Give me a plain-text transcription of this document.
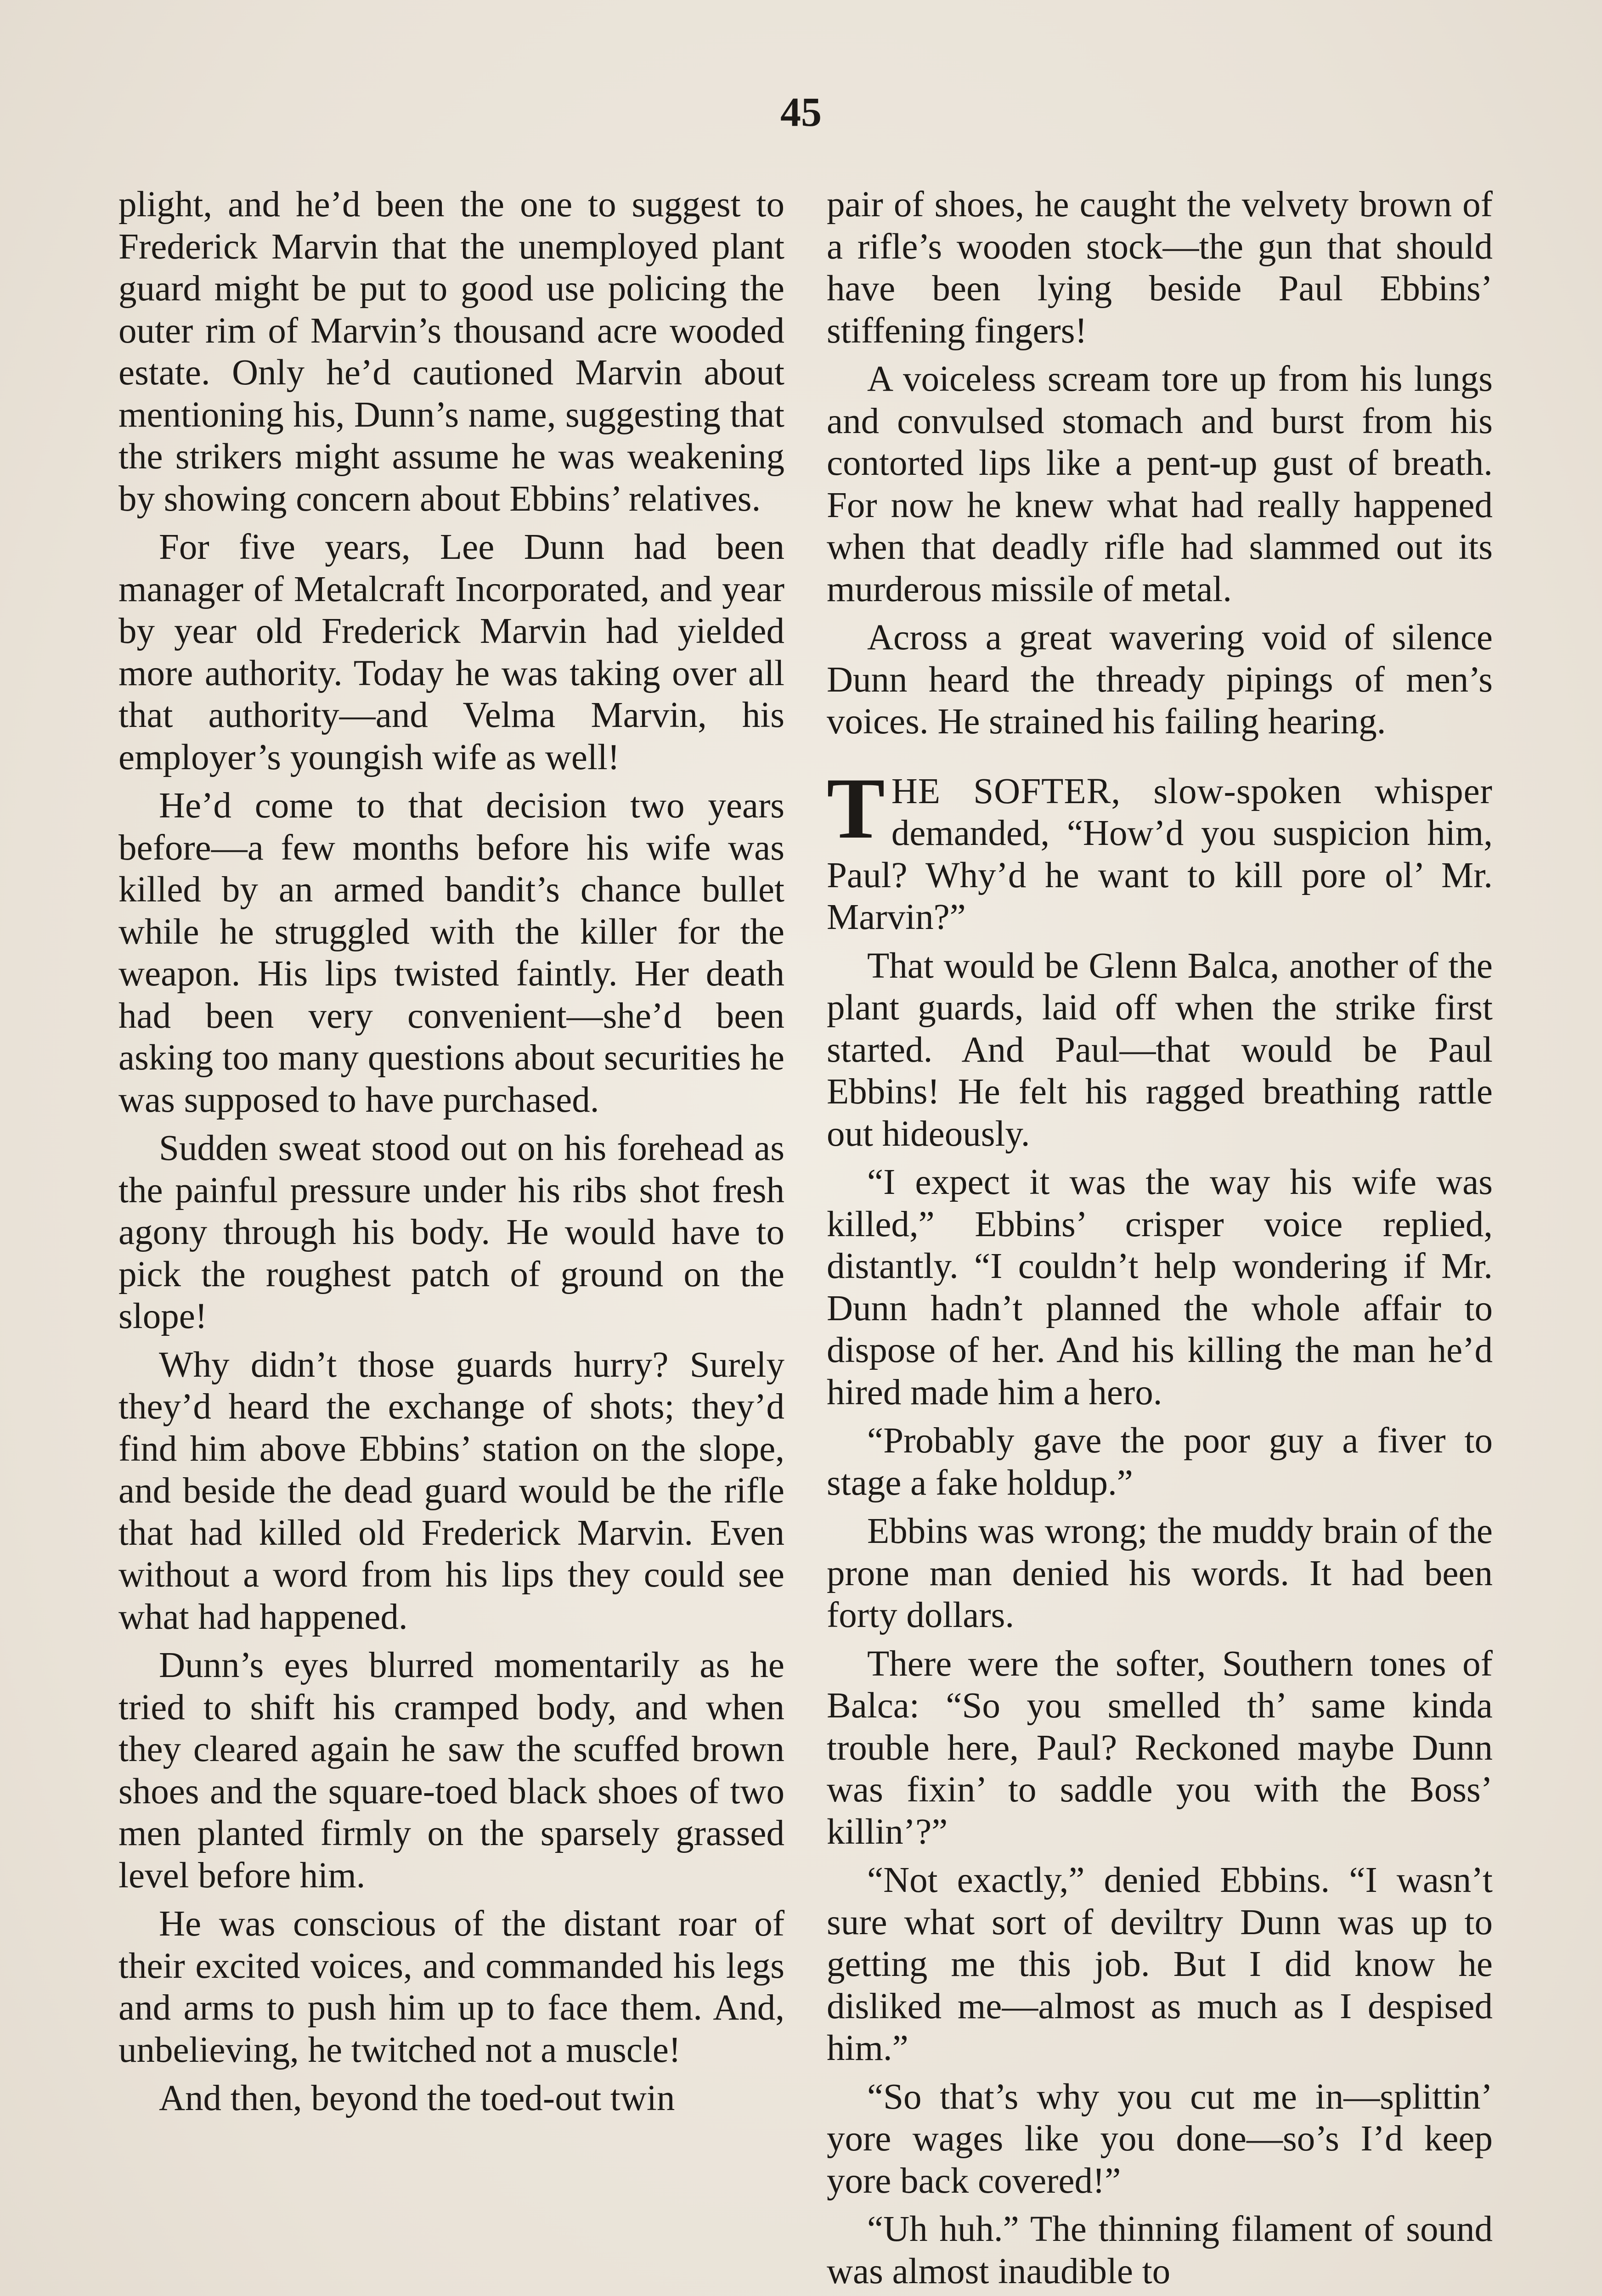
45

plight, and he’d been the one to suggest to Frederick Marvin that the unemployed plant guard might be put to good use policing the outer rim of Marvin’s thousand acre wooded estate. Only he’d cautioned Marvin about mentioning his, Dunn’s name, suggesting that the strikers might assume he was weakening by showing concern about Ebbins’ relatives.

For five years, Lee Dunn had been manager of Metalcraft Incorporated, and year by year old Frederick Marvin had yielded more authority. Today he was taking over all that authority—and Velma Marvin, his employer’s youngish wife as well!

He’d come to that decision two years before—a few months before his wife was killed by an armed bandit’s chance bullet while he struggled with the killer for the weapon. His lips twisted faintly. Her death had been very convenient—she’d been asking too many questions about securities he was supposed to have purchased.

Sudden sweat stood out on his forehead as the painful pressure under his ribs shot fresh agony through his body. He would have to pick the roughest patch of ground on the slope!

Why didn’t those guards hurry? Surely they’d heard the exchange of shots; they’d find him above Ebbins’ station on the slope, and beside the dead guard would be the rifle that had killed old Frederick Marvin. Even without a word from his lips they could see what had happened.

Dunn’s eyes blurred momentarily as he tried to shift his cramped body, and when they cleared again he saw the scuffed brown shoes and the square-toed black shoes of two men planted firmly on the sparsely grassed level before him.

He was conscious of the distant roar of their excited voices, and commanded his legs and arms to push him up to face them. And, unbelieving, he twitched not a muscle!

And then, beyond the toed-out twin

pair of shoes, he caught the velvety brown of a rifle’s wooden stock—the gun that should have been lying beside Paul Ebbins’ stiffening fingers!

A voiceless scream tore up from his lungs and convulsed stomach and burst from his contorted lips like a pent-up gust of breath. For now he knew what had really happened when that deadly rifle had slammed out its murderous missile of metal.

Across a great wavering void of silence Dunn heard the thready pipings of men’s voices. He strained his failing hearing.

THE SOFTER, slow-spoken whisper demanded, “How’d you suspicion him, Paul? Why’d he want to kill pore ol’ Mr. Marvin?”

That would be Glenn Balca, another of the plant guards, laid off when the strike first started. And Paul—that would be Paul Ebbins! He felt his ragged breathing rattle out hideously.

“I expect it was the way his wife was killed,” Ebbins’ crisper voice replied, distantly. “I couldn’t help wondering if Mr. Dunn hadn’t planned the whole affair to dispose of her. And his killing the man he’d hired made him a hero.

“Probably gave the poor guy a fiver to stage a fake holdup.”

Ebbins was wrong; the muddy brain of the prone man denied his words. It had been forty dollars.

There were the softer, Southern tones of Balca: “So you smelled th’ same kinda trouble here, Paul? Reckoned maybe Dunn was fixin’ to saddle you with the Boss’ killin’?”

“Not exactly,” denied Ebbins. “I wasn’t sure what sort of deviltry Dunn was up to getting me this job. But I did know he disliked me—almost as much as I despised him.”

“So that’s why you cut me in—splittin’ yore wages like you done—so’s I’d keep yore back covered!”

“Uh huh.” The thinning filament of sound was almost inaudible to
